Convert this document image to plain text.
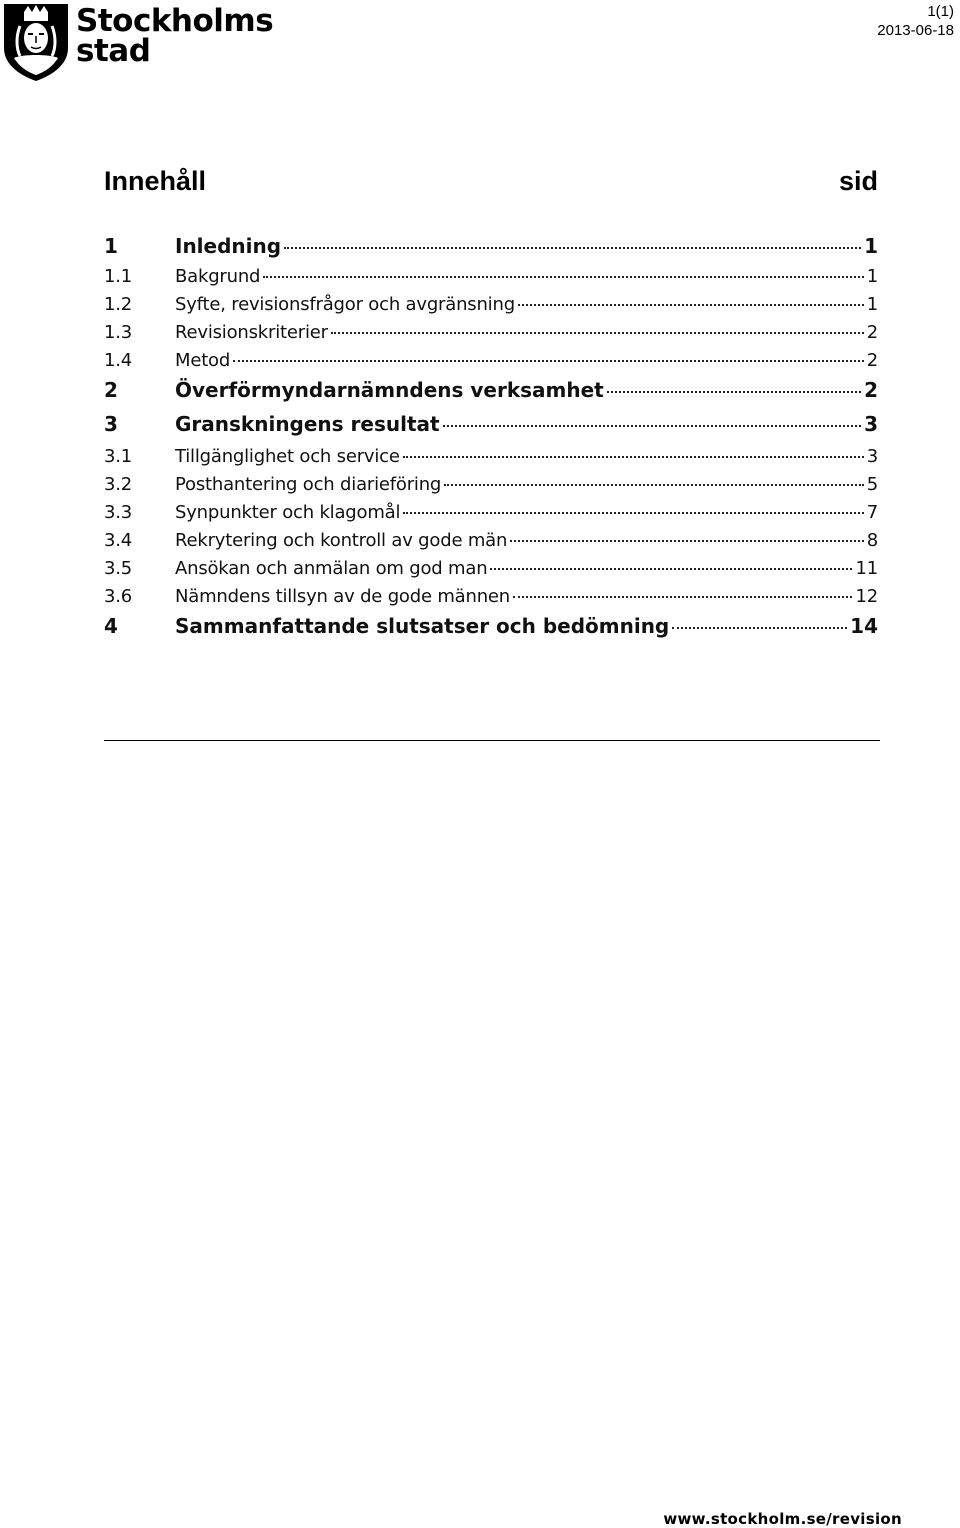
Stockholms
stad
1(1)
2013-06-18
Innehåll	sid
1	Inledning	1
1.1	Bakgrund	1
1.2	Syfte, revisionsfrågor och avgränsning	1
1.3	Revisionskriterier	2
1.4	Metod	2
2	Överförmyndarnämndens verksamhet	2
3	Granskningens resultat	3
3.1	Tillgänglighet och service	3
3.2	Posthantering och diarieföring	5
3.3	Synpunkter och klagomål	7
3.4	Rekrytering och kontroll av gode män	8
3.5	Ansökan och anmälan om god man	11
3.6	Nämndens tillsyn av de gode männen	12
4	Sammanfattande slutsatser och bedömning	14
www.stockholm.se/revision
